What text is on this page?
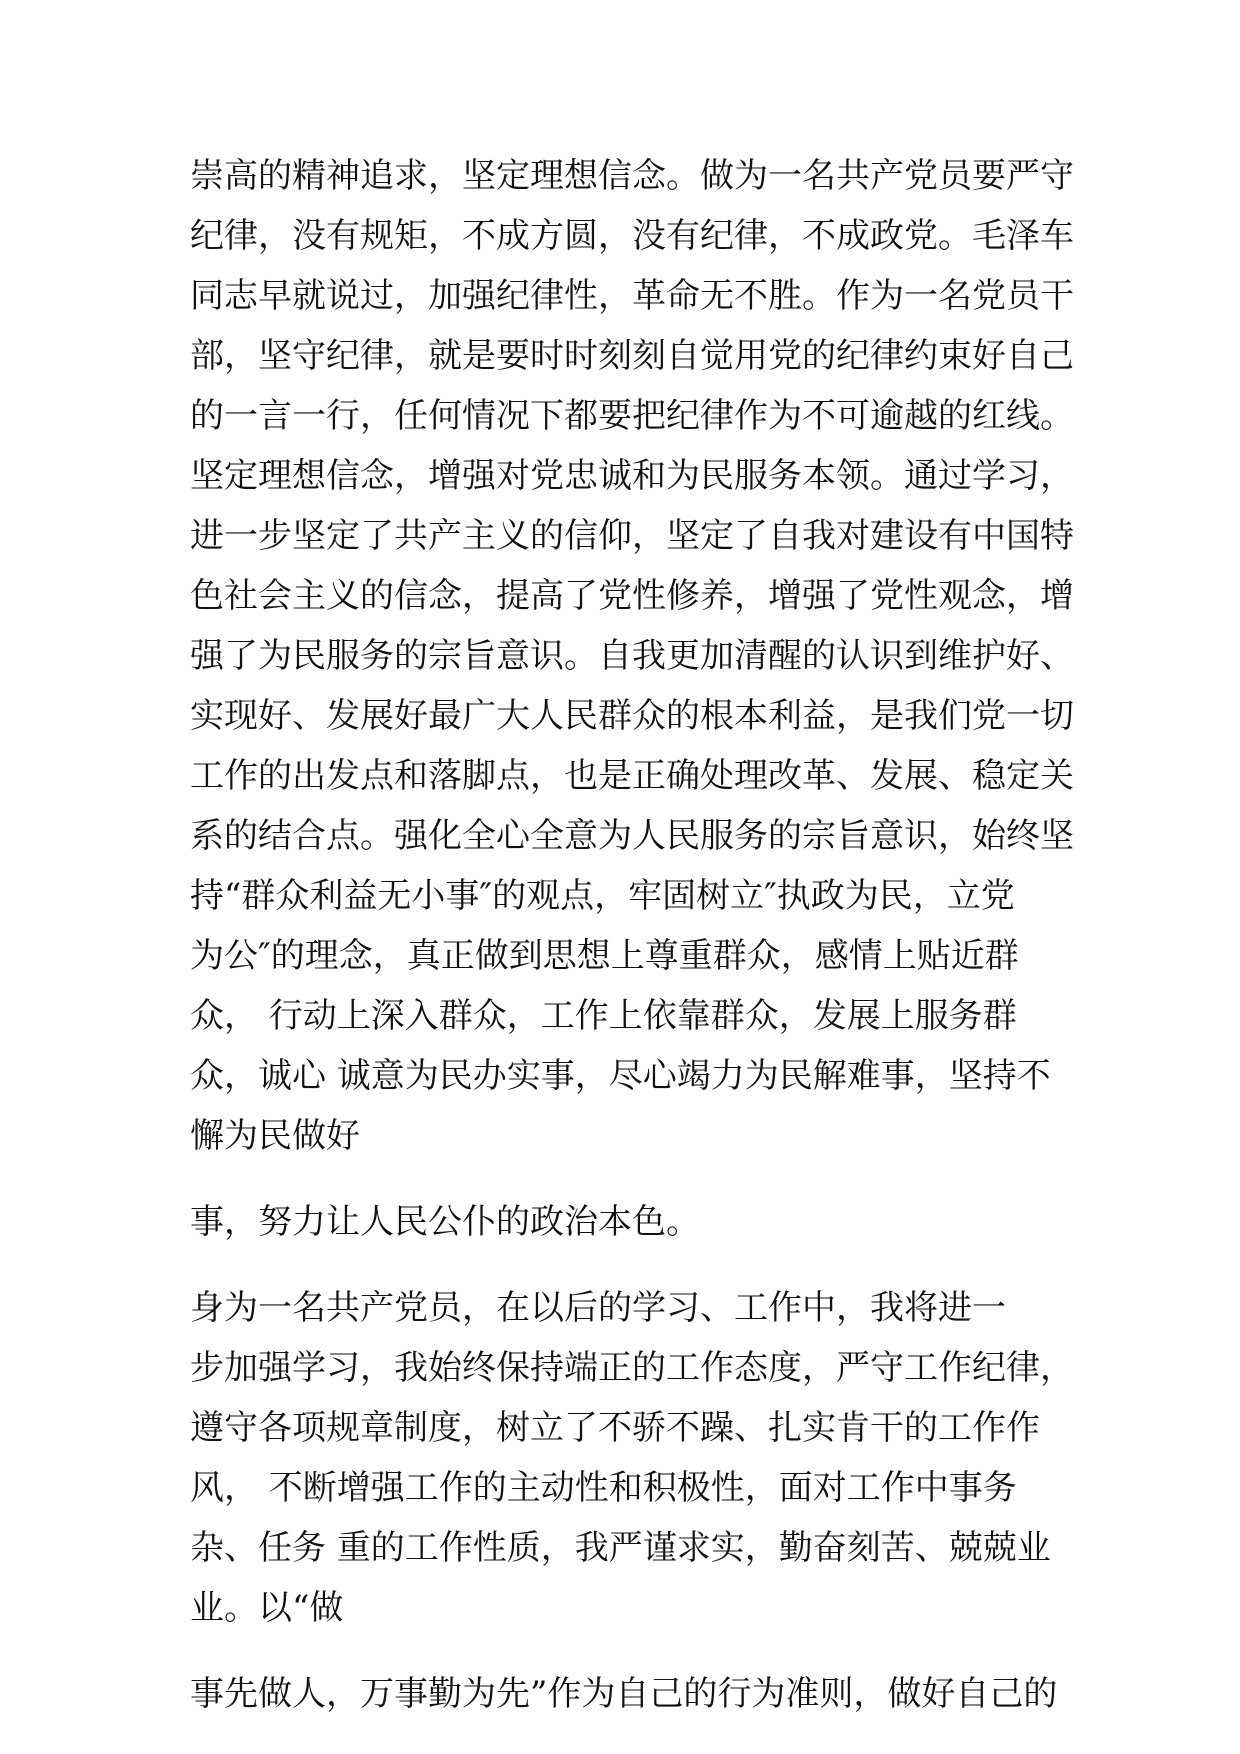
崇高的精神追求，坚定理想信念。做为一名共产党员要严守
纪律，没有规矩，不成方圆，没有纪律，不成政党。毛泽车
同志早就说过，加强纪律性，革命无不胜。作为一名党员干
部，坚守纪律，就是要时时刻刻自觉用党的纪律约束好自己
的一言一行，任何情况下都要把纪律作为不可逾越的红线。
坚定理想信念，增强对党忠诚和为民服务本领。通过学习，
进一步坚定了共产主义的信仰，坚定了自我对建设有中国特
色社会主义的信念，提高了党性修养，增强了党性观念，增
强了为民服务的宗旨意识。自我更加清醒的认识到维护好、
实现好、发展好最广大人民群众的根本利益，是我们党一切
工作的出发点和落脚点，也是正确处理改革、发展、稳定关
系的结合点。强化全心全意为人民服务的宗旨意识，始终坚
持“群众利益无小事″的观点，牢固树立″执政为民，立党
为公″的理念，真正做到思想上尊重群众，感情上贴近群
众， 行动上深入群众，工作上依靠群众，发展上服务群
众，诚心 诚意为民办实事，尽心竭力为民解难事，坚持不
懈为民做好
事，努力让人民公仆的政治本色。
身为一名共产党员，在以后的学习、工作中，我将进一
步加强学习，我始终保持端正的工作态度，严守工作纪律，
遵守各项规章制度，树立了不骄不躁、扎实肯干的工作作
风， 不断增强工作的主动性和积极性，面对工作中事务
杂、任务 重的工作性质，我严谨求实，勤奋刻苦、兢兢业
业。以“做
事先做人，万事勤为先”作为自己的行为准则，做好自己的
